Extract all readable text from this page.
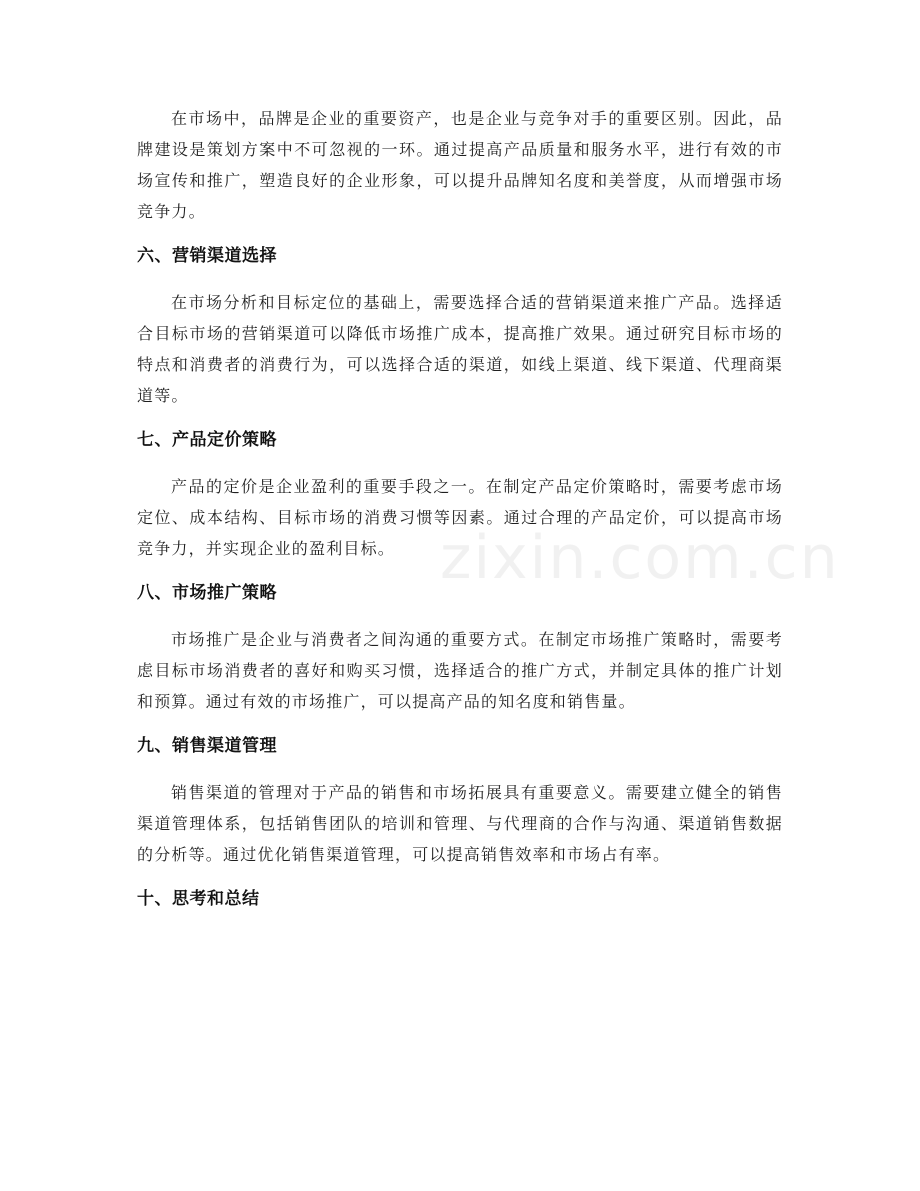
zixin.com.cn

在市场中，品牌是企业的重要资产，也是企业与竞争对手的重要区别。因此，品牌建设是策划方案中不可忽视的一环。通过提高产品质量和服务水平，进行有效的市场宣传和推广，塑造良好的企业形象，可以提升品牌知名度和美誉度，从而增强市场竞争力。

六、营销渠道选择

在市场分析和目标定位的基础上，需要选择合适的营销渠道来推广产品。选择适合目标市场的营销渠道可以降低市场推广成本，提高推广效果。通过研究目标市场的特点和消费者的消费行为，可以选择合适的渠道，如线上渠道、线下渠道、代理商渠道等。

七、产品定价策略

产品的定价是企业盈利的重要手段之一。在制定产品定价策略时，需要考虑市场定位、成本结构、目标市场的消费习惯等因素。通过合理的产品定价，可以提高市场竞争力，并实现企业的盈利目标。

八、市场推广策略

市场推广是企业与消费者之间沟通的重要方式。在制定市场推广策略时，需要考虑目标市场消费者的喜好和购买习惯，选择适合的推广方式，并制定具体的推广计划和预算。通过有效的市场推广，可以提高产品的知名度和销售量。

九、销售渠道管理

销售渠道的管理对于产品的销售和市场拓展具有重要意义。需要建立健全的销售渠道管理体系，包括销售团队的培训和管理、与代理商的合作与沟通、渠道销售数据的分析等。通过优化销售渠道管理，可以提高销售效率和市场占有率。

十、思考和总结
